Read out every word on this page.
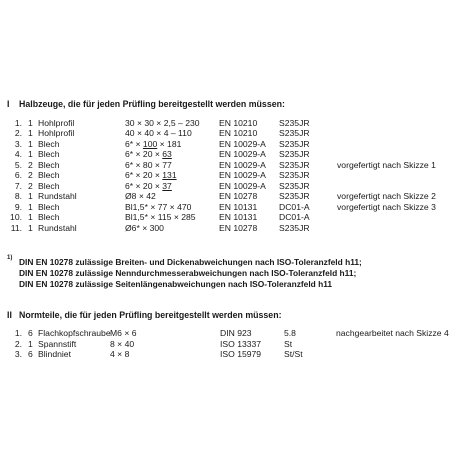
I Halbzeuge, die für jeden Prüfling bereitgestellt werden müssen:
1. 1 Hohlprofil	30 × 30 × 2,5 – 230 EN 10210	S235JR
2. 1 Hohlprofil	40 × 40 × 4 – 110	EN 10210	S235JR
3. 1 Blech	6* × 100 × 181	EN 10029-A S235JR
4. 1 Blech	6* × 20 × 63	EN 10029-A S235JR
5. 2 Blech	6* × 80 × 77	EN 10029-A S235JR	vorgefertigt nach Skizze 1
6. 2 Blech	6* × 20 × 131	EN 10029-A S235JR
7. 2 Blech	6* × 20 × 37	EN 10029-A S235JR
8. 1 Rundstahl	Ø8 × 42	EN 10278	S235JR	vorgefertigt nach Skizze 2
9. 1 Blech	Bl1,5* × 77 × 470	EN 10131	DC01-A	vorgefertigt nach Skizze 3
10. 1 Blech	Bl1,5* × 115 × 285	EN 10131	DC01-A
11. 1 Rundstahl	Ø6* × 300	EN 10278	S235JR
1) DIN EN 10278 zulässige Breiten- und Dickenabweichungen nach ISO-Toleranzfeld h11;
DIN EN 10278 zulässige Nenndurchmesserabweichungen nach ISO-Toleranzfeld h11;
DIN EN 10278 zulässige Seitenlängenabweichungen nach ISO-Toleranzfeld h11
II Normteile, die für jeden Prüfling bereitgestellt werden müssen:
1. 6 Flachkopfschraube M6 × 6	DIN 923	5.8	nachgearbeitet nach Skizze 4
2. 1 Spannstift	8 × 40	ISO 13337	St
3. 6 Blindniet	4 × 8	ISO 15979	St/St
